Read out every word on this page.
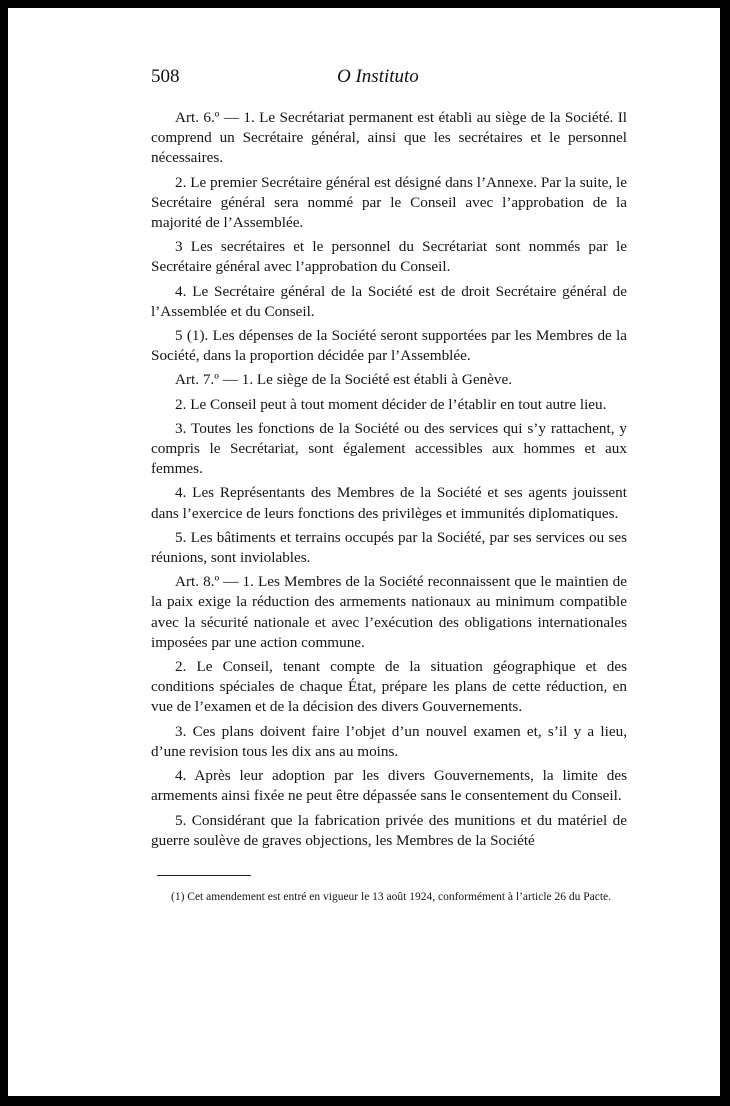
508	O Instituto

Art. 6.º — 1. Le Secrétariat permanent est établi au siège de la Société. Il comprend un Secrétaire général, ainsi que les secrétaires et le personnel nécessaires.

2. Le premier Secrétaire général est désigné dans l’Annexe. Par la suite, le Secrétaire général sera nommé par le Conseil avec l’approbation de la majorité de l’Assemblée.

3 Les secrétaires et le personnel du Secrétariat sont nommés par le Secrétaire général avec l’approbation du Conseil.

4. Le Secrétaire général de la Société est de droit Secrétaire général de l’Assemblée et du Conseil.

5 (1). Les dépenses de la Société seront supportées par les Membres de la Société, dans la proportion décidée par l’Assemblée.

Art. 7.º — 1. Le siège de la Société est établi à Genève.

2. Le Conseil peut à tout moment décider de l’établir en tout autre lieu.

3. Toutes les fonctions de la Société ou des services qui s’y rattachent, y compris le Secrétariat, sont également accessibles aux hommes et aux femmes.

4. Les Représentants des Membres de la Société et ses agents jouissent dans l’exercice de leurs fonctions des privilèges et immunités diplomatiques.

5. Les bâtiments et terrains occupés par la Société, par ses services ou ses réunions, sont inviolables.

Art. 8.º — 1. Les Membres de la Société reconnaissent que le maintien de la paix exige la réduction des armements nationaux au minimum compatible avec la sécurité nationale et avec l’exécution des obligations internationales imposées par une action commune.

2. Le Conseil, tenant compte de la situation géographique et des conditions spéciales de chaque État, prépare les plans de cette réduction, en vue de l’examen et de la décision des divers Gouvernements.

3. Ces plans doivent faire l’objet d’un nouvel examen et, s’il y a lieu, d’une revision tous les dix ans au moins.

4. Après leur adoption par les divers Gouvernements, la limite des armements ainsi fixée ne peut être dépassée sans le consentement du Conseil.

5. Considérant que la fabrication privée des munitions et du matériel de guerre soulève de graves objections, les Membres de la Société

(1) Cet amendement est entré en vigueur le 13 août 1924, conformément à l’article 26 du Pacte.
